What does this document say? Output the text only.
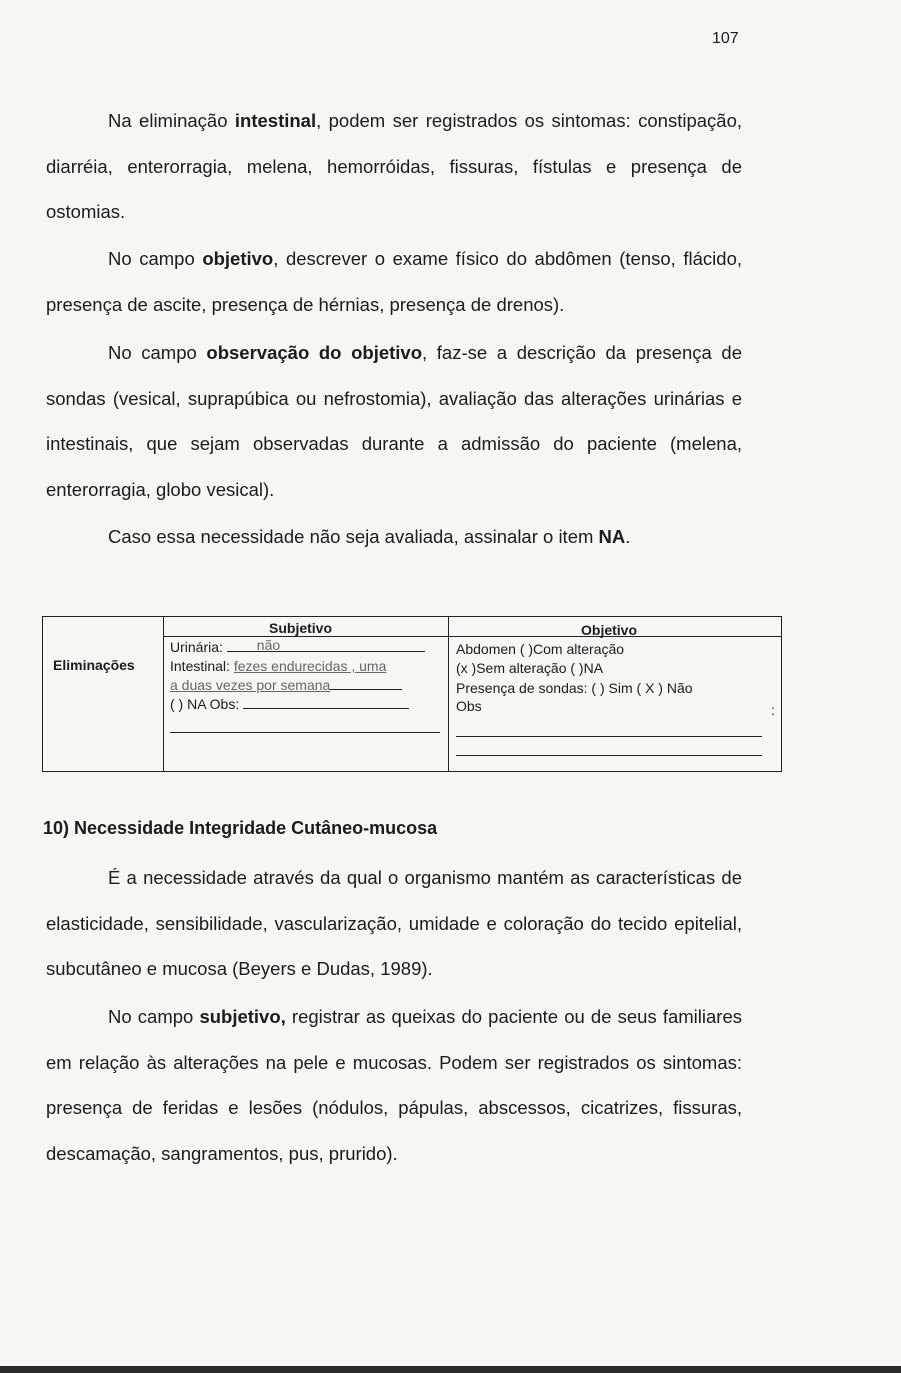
107

Na eliminação intestinal, podem ser registrados os sintomas: constipação, diarréia, enterorragia, melena, hemorróidas, fissuras, fístulas e presença de ostomias.

No campo objetivo, descrever o exame físico do abdômen (tenso, flácido, presença de ascite, presença de hérnias, presença de drenos).

No campo observação do objetivo, faz-se a descrição da presença de sondas (vesical, suprapúbica ou nefrostomia), avaliação das alterações urinárias e intestinais, que sejam observadas durante a admissão do paciente (melena, enterorragia, globo vesical).

Caso essa necessidade não seja avaliada, assinalar o item NA.

Subjetivo	Objetivo
Eliminações
Urinária: não
Intestinal: fezes endurecidas , uma
a duas vezes por semana
( ) NA Obs:
Abdomen ( )Com alteração
(x )Sem alteração ( )NA
Presença de sondas: ( ) Sim ( X ) Não
Obs	:
10) Necessidade Integridade Cutâneo-mucosa

É a necessidade através da qual o organismo mantém as características de elasticidade, sensibilidade, vascularização, umidade e coloração do tecido epitelial, subcutâneo e mucosa (Beyers e Dudas, 1989).

No campo subjetivo, registrar as queixas do paciente ou de seus familiares em relação às alterações na pele e mucosas. Podem ser registrados os sintomas: presença de feridas e lesões (nódulos, pápulas, abscessos, cicatrizes, fissuras, descamação, sangramentos, pus, prurido).
